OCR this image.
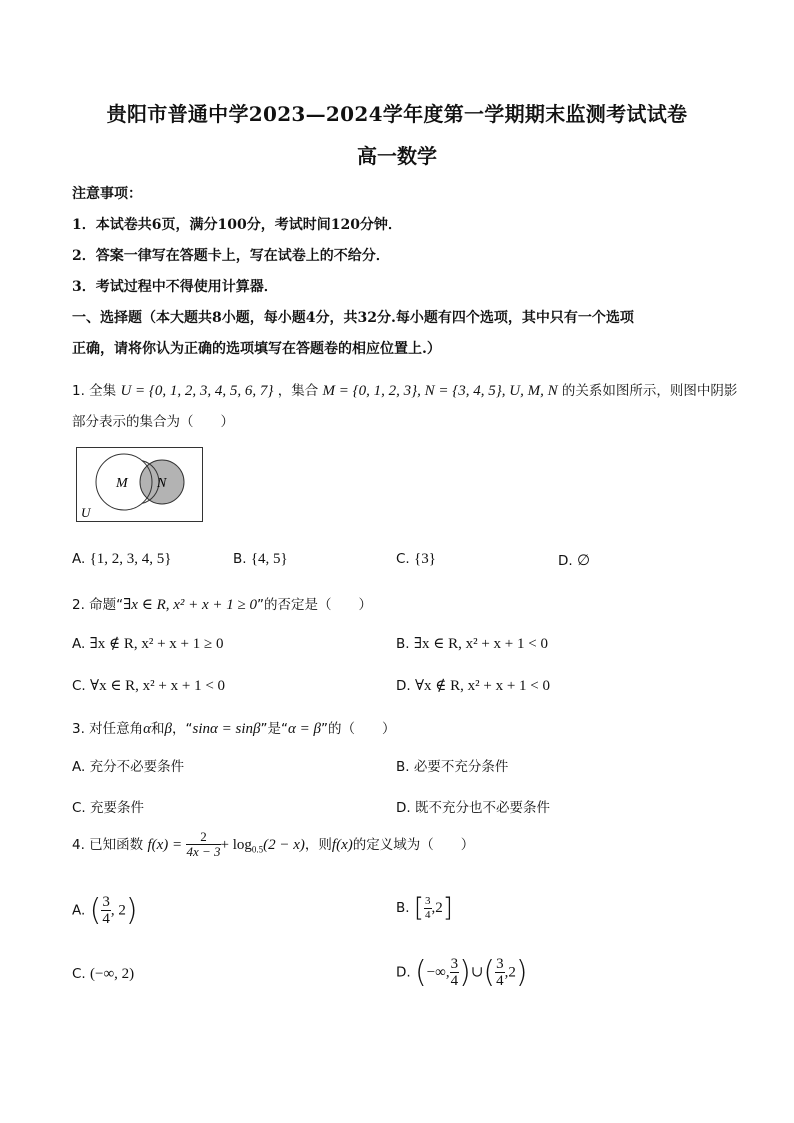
贵阳市普通中学2023—2024学年度第一学期期末监测考试试卷
高一数学
注意事项：
1．本试卷共6页，满分100分，考试时间120分钟．
2．答案一律写在答题卡上，写在试卷上的不给分．
3．考试过程中不得使用计算器．
一、选择题（本大题共8小题，每小题4分，共32分.每小题有四个选项，其中只有一个选项
正确，请将你认为正确的选项填写在答题卷的相应位置上.）
1. 全集 U = {0, 1, 2, 3, 4, 5, 6, 7} ，集合 M = {0, 1, 2, 3}, N = {3, 4, 5}, U, M, N 的关系如图所示，则图中阴影
部分表示的集合为（　　）
M N
U
A. {1, 2, 3, 4, 5}	B. {4, 5}	C. {3}	D. ∅
2. 命题“∃x ∈ R, x² + x + 1 ≥ 0”的否定是（　　）
A. ∃x ∉ R, x² + x + 1 ≥ 0	B. ∃x ∈ R, x² + x + 1 < 0
C. ∀x ∈ R, x² + x + 1 < 0	D. ∀x ∉ R, x² + x + 1 < 0
3. 对任意角α和β，“sinα = sinβ”是“α = β”的（　　）
A. 充分不必要条件	B. 必要不充分条件
C. 充要条件	D. 既不充分也不必要条件
4. 已知函数 $f(x) = \frac{2}{4x - 3} + \log_{0.5}(2 - x)$，则f(x)的定义域为（　　）
A. ( $\frac{3}{4}$ , 2)	B. [ $\frac{3}{4} ,2$]
C. (−∞, 2)	D. (−∞, $\frac{3}{4}$ )∪( $\frac{3}{4} ,2$)
